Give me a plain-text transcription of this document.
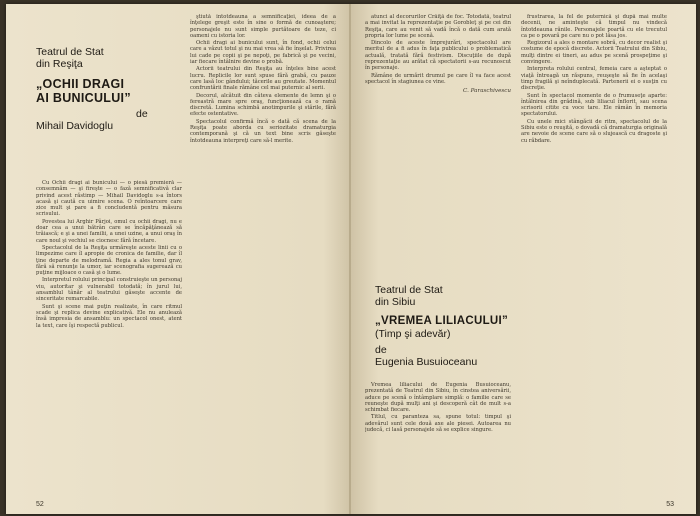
Teatrul de Stat
din Reşiţa
„OCHII DRAGI
AI BUNICULUI”
de
Mihail Davidoglu

Cu Ochii dragi ai bunicului — o piesă premieră — consemnăm — şi fireşte — o fază semnificativă clar privind acest răstimp — Mihail Davidoglu s-a întors acasă şi caută cu uimire scena. O reîntoarcere care zice mult şi pare a fi concludentă pentru măsura scrisului.

Povestea lui Arghir Pârjoi, omul cu ochii dragi, nu e doar cea a unui bătrân care se încăpăţânează să trăiască; e şi a unei familii, a unei uzine, a unui oraş în care noul şi vechiul se ciocnesc fără încetare.

Spectacolul de la Reşiţa urmăreşte aceste linii cu o limpezime care îl apropie de cronica de familie, dar îl ţine departe de melodramă. Regia a ales tonul grav, fără să renunţe la umor, iar scenografia sugerează cu puţine mijloace o casă şi o lume.

Interpretul rolului principal construieşte un personaj viu, autoritar şi vulnerabil totodată; în jurul lui, ansamblul tânăr al teatrului găseşte accente de sinceritate remarcabile.

Sunt şi scene mai puţin realizate, în care ritmul scade şi replica devine explicativă. Ele nu anulează însă impresia de ansamblu: un spectacol onest, atent la text, care îşi respectă publicul.

ştiută întotdeauna a semnificaţiei, ideea de a înţelege greşit este în sine o formă de cunoaştere; personajele nu sunt simple purtătoare de teze, ci oameni cu istoria lor.

Ochii dragi ai bunicului sunt, în fond, ochii celui care a văzut totul şi nu mai vrea să fie înşelat. Privirea lui cade pe copii şi pe nepoţi, pe fabrică şi pe vecini, iar fiecare întâlnire devine o probă.

Actorii teatrului din Reşiţa au înţeles bine acest lucru. Replicile lor sunt spuse fără grabă, cu pauze care lasă loc gândului; tăcerile au greutate. Momentul confruntării finale rămâne cel mai puternic al serii.

Decorul, alcătuit din câteva elemente de lemn şi o fereastră mare spre oraş, funcţionează ca o ramă discretă. Lumina schimbă anotimpurile şi stările, fără efecte ostentative.

Spectacolul confirmă încă o dată că scena de la Reşiţa poate aborda cu seriozitate dramaturgia contemporană şi că un text bine scris găseşte întotdeauna interpreţi care să-l merite.

52

atunci al decorurilor Crăiţă de foc. Totodată, teatrul a mai invitat la reprezentaţie pe Gorobleţ şi pe cei din Reşiţa, care au venit să vadă încă o dată cum arată propria lor lume pe scenă.

Dincolo de aceste împrejurări, spectacolul are meritul de a fi adus în faţa publicului o problematică actuală, tratată fără festivism. Discuţiile de după reprezentaţie au arătat că spectatorii s-au recunoscut în personaje.

Rămâne de urmărit drumul pe care îl va face acest spectacol în stagiunea ce vine.

C. Paraschivescu
Teatrul de Stat
din Sibiu
„VREMEA LILIACULUI”
(Timp şi adevăr)
de
Eugenia Busuioceanu

Vremea liliacului de Eugenia Busuioceanu, prezentată de Teatrul din Sibiu, în cinstea aniversării, aduce pe scenă o întâmplare simplă: o familie care se reuneşte după mulţi ani şi descoperă cât de mult s-a schimbat fiecare.

Titlul, cu paranteza sa, spune totul: timpul şi adevărul sunt cele două axe ale piesei. Autoarea nu judecă, ci lasă personajele să se explice singure.

frustrarea, la fel de puternică şi după mai multe decenii, ne aminteşte că timpul nu vindecă întotdeauna rănile. Personajele poartă cu ele trecutul ca pe o povară pe care nu o pot lăsa jos.

Regizorul a ales o montare sobră, cu decor realist şi costume de epocă discrete. Actorii Teatrului din Sibiu, mulţi dintre ei tineri, au adus pe scenă prospeţime şi convingere.

Interpreta rolului central, femeia care a aşteptat o viaţă întreagă un răspuns, reuşeşte să fie în acelaşi timp fragilă şi neînduplecată. Partenerii ei o susţin cu discreţie.

Sunt în spectacol momente de o frumuseţe aparte: întâlnirea din grădină, sub liliacul înflorit, sau scena scrisorii citite cu voce tare. Ele rămân în memoria spectatorului.

Cu unele mici stângăcii de ritm, spectacolul de la Sibiu este o reuşită, o dovadă că dramaturgia originală are nevoie de scene care să o slujească cu dragoste şi cu răbdare.

53
